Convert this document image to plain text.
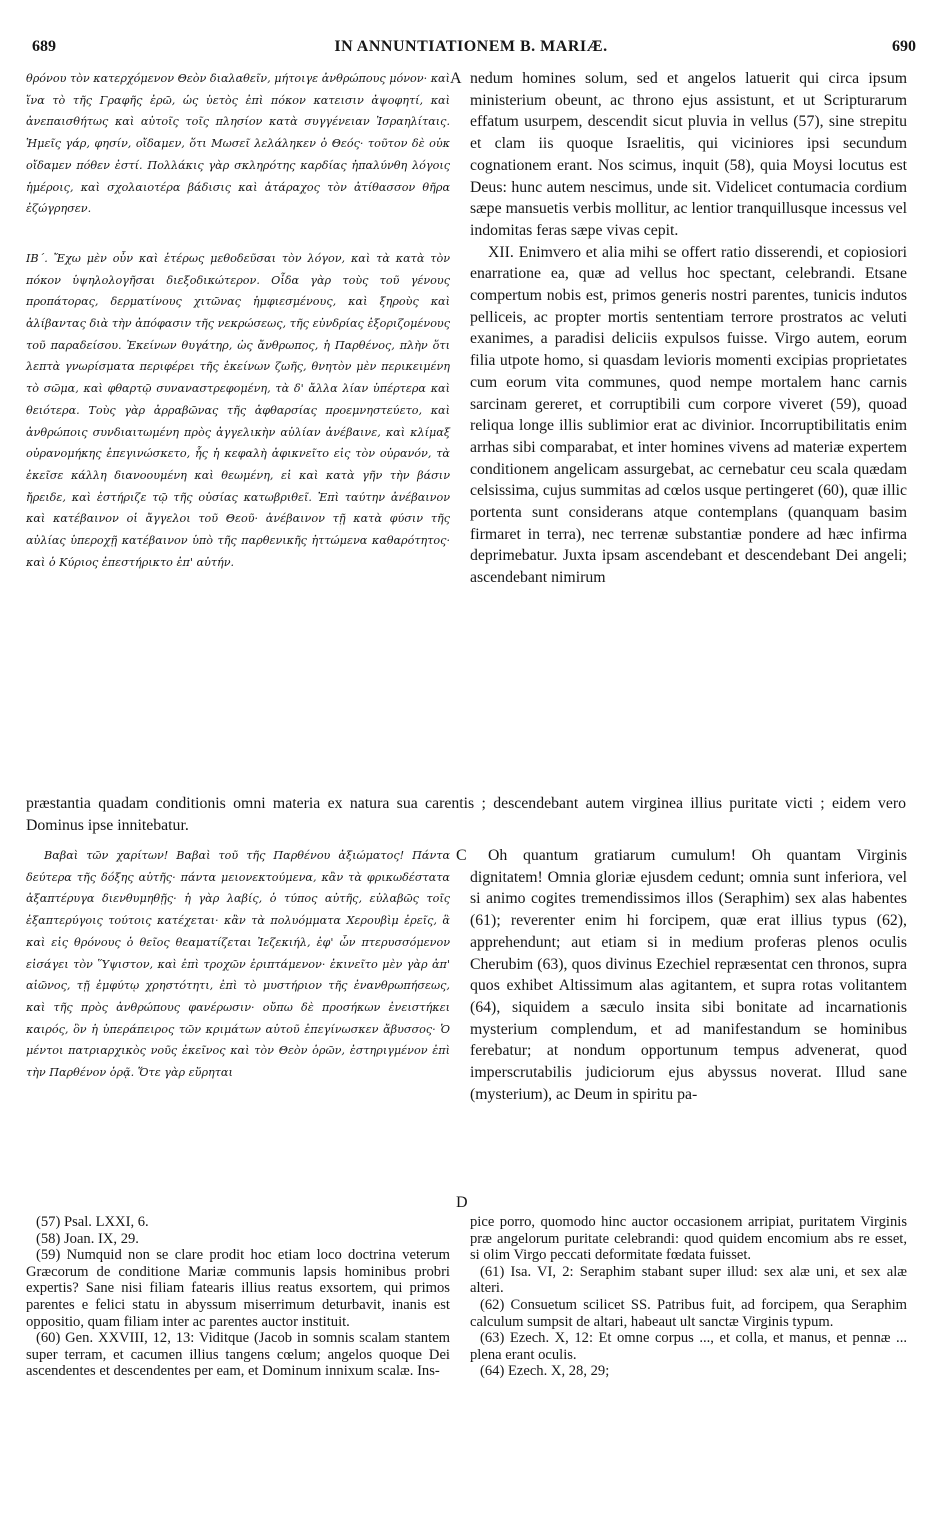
689	IN ANNUNTIATIONEM B. MARIÆ.	690

θρόνου τὸν κατερχόμενον Θεὸν διαλαθεῖν, μήτοιγε ἀνθρώπους μόνον· καὶ ἵνα τὸ τῆς Γραφῆς ἐρῶ, ὡς ὑετὸς ἐπὶ πόκον κατεισιν ἀψοφητί, καὶ ἀνεπαισθήτως καὶ αὐτοῖς τοῖς πλησίον κατὰ συγγένειαν Ἰσραηλίταις. Ἡμεῖς γάρ, φησίν, οἴδαμεν, ὅτι Μωσεῖ λελάληκεν ὁ Θεός· τοῦτον δὲ οὐκ οἴδαμεν πόθεν ἐστί. Πολλάκις γὰρ σκληρότης καρδίας ἠπαλύνθη λόγοις ἡμέροις, καὶ σχολαιοτέρα βάδισις καὶ ἀτάραχος τὸν ἀτίθασσον θῆρα ἐζώγρησεν.

ΙΒ΄. Ἔχω μὲν οὖν καὶ ἑτέρως μεθοδεῦσαι τὸν λόγον, καὶ τὰ κατὰ τὸν πόκον ὑψηλολογῆσαι διεξοδικώτερον. Οἶδα γὰρ τοὺς τοῦ γένους προπάτορας, δερματίνους χιτῶνας ἠμφιεσμένους, καὶ ξηροὺς καὶ ἀλίβαντας διὰ τὴν ἀπόφασιν τῆς νεκρώσεως, τῆς εὐνδρίας ἐξοριζομένους τοῦ παραδείσου. Ἐκείνων θυγάτηρ, ὡς ἄνθρωπος, ἡ Παρθένος, πλὴν ὅτι λεπτὰ γνωρίσματα περιφέρει τῆς ἐκείνων ζωῆς, θνητὸν μὲν περικειμένη τὸ σῶμα, καὶ φθαρτῷ συναναστρεφομένη, τὰ δ' ἄλλα λίαν ὑπέρτερα καὶ θειότερα. Τοὺς γὰρ ἀρραβῶνας τῆς ἀφθαρσίας προεμνηστεύετο, καὶ ἀνθρώποις συνδιαιτωμένη πρὸς ἀγγελικὴν αὐλίαν ἀνέβαινε, καὶ κλίμαξ οὐρανομήκης ἐπεγινώσκετο, ἧς ἡ κεφαλὴ ἀφικνεῖτο εἰς τὸν οὐρανόν, τὰ ἐκεῖσε κάλλη διανοουμένη καὶ θεωμένη, εἰ καὶ κατὰ γῆν τὴν βάσιν ἤρειδε, καὶ ἐστήριζε τῷ τῆς οὐσίας κατωβριθεῖ. Ἐπὶ ταύτην ἀνέβαινον καὶ κατέβαινον οἱ ἄγγελοι τοῦ Θεοῦ· ἀνέβαινον τῇ κατὰ φύσιν τῆς αὐλίας ὑπεροχῇ κατέβαινον ὑπὸ τῆς παρθενικῆς ἡττώμενα καθαρότητος· καὶ ὁ Κύριος ἐπεστήρικτο ἐπ' αὐτήν.

A nedum homines solum, sed et angelos latuerit qui circa ipsum ministerium obeunt, ac throno ejus assistunt, et ut Scripturarum effatum usurpem, descendit sicut pluvia in vellus (57), sine strepitu et clam iis quoque Israelitis, qui viciniores ipsi secundum cognationem erant. Nos scimus, inquit (58), quia Moysi locutus est Deus: hunc autem nescimus, unde sit. Videlicet contumacia cordium sæpe mansuetis verbis mollitur, ac lentior tranquillusque incessus vel indomitas feras sæpe vivas cepit.

XII. Enimvero et alia mihi se offert ratio disserendi, et copiosiori enarratione ea, quæ ad vellus hoc spectant, celebrandi. Etsane compertum nobis est, primos generis nostri parentes, tunicis indutos pelliceis, ac propter mortis sententiam terrore prostratos ac veluti exanimes, a paradisi deliciis expulsos fuisse. Virgo autem, eorum filia utpote homo, si quasdam levioris momenti excipias proprietates cum eorum vita communes, quod nempe mortalem hanc carnis sarcinam gereret, et corruptibili cum corpore viveret (59), quoad reliqua longe illis sublimior erat ac divinior. Incorruptibilitatis enim arrhas sibi comparabat, et inter homines vivens ad materiæ expertem conditionem angelicam assurgebat, ac cernebatur ceu scala quædam celsissima, cujus summitas ad cœlos usque pertingeret (60), quæ illic portenta sunt considerans atque contemplans (quanquam basim firmaret in terra), nec terrenæ substantiæ pondere ad hæc infirma deprimebatur. Juxta ipsam ascendebant et descendebant Dei angeli; ascendebant nimirum

præstantia quadam conditionis omni materia ex natura sua carentis ; descendebant autem virginea illius puritate victi ; eidem vero Dominus ipse innitebatur.

Βαβαὶ τῶν χαρίτων! Βαβαὶ τοῦ τῆς Παρθένου ἀξιώματος! Πάντα δεύτερα τῆς δόξης αὐτῆς· πάντα μειονεκτούμενα, κἂν τὰ φρικωδέστατα ἀξαπτέρυγα διενθυμηθῇς· ἡ γὰρ λαβίς, ὁ τύπος αὐτῆς, εὐλαβῶς τοῖς ἑξαπτερύγοις τούτοις κατέχεται· κἂν τὰ πολυόμματα Χερουβὶμ ἐρεῖς, ἃ καὶ εἰς θρόνους ὁ θεῖος θεαματίζεται Ἰεζεκιήλ, ἐφ' ὧν πτερυσσόμενον εἰσάγει τὸν Ὕψιστον, καὶ ἐπὶ τροχῶν ἐριπτάμενον· ἐκινεῖτο μὲν γὰρ ἀπ' αἰῶνος, τῇ ἐμφύτῳ χρηστότητι, ἐπὶ τὸ μυστήριον τῆς ἐνανθρωπήσεως, καὶ τῆς πρὸς ἀνθρώπους φανέρωσιν· οὔπω δὲ προσήκων ἐνειστήκει καιρός, ὃν ἡ ὑπεράπειρος τῶν κριμάτων αὐτοῦ ἐπεγίνωσκεν ἄβυσσος· Ὁ μέντοι πατριαρχικὸς νοῦς ἐκεῖνος καὶ τὸν Θεὸν ὁρῶν, ἐστηριγμένον ἐπὶ τὴν Παρθένον ὁρᾷ. Ὅτε γὰρ εὕρηται

C	Oh quantum gratiarum cumulum! Oh quantam Virginis dignitatem! Omnia gloriæ ejusdem cedunt; omnia sunt inferiora, vel si animo cogites tremendissimos illos (Seraphim) sex alas habentes (61); reverenter enim hi forcipem, quæ erat illius typus (62), apprehendunt; aut etiam si in medium proferas plenos oculis Cherubim (63), quos divinus Ezechiel repræsentat cen thronos, supra quos exhibet Altissimum alas agitantem, et supra rotas volitantem (64), siquidem a sæculo insita sibi bonitate ad incarnationis mysterium complendum, et ad manifestandum se hominibus ferebatur; at nondum opportunum tempus advenerat, quod imperscrutabilis judiciorum ejus abyssus noverat. Illud sane (mysterium), ac Deum in spiritu pa-

D

(57) Psal. LXXI, 6.

(58) Joan. IX, 29.

(59) Numquid non se clare prodit hoc etiam loco doctrina veterum Græcorum de conditione Mariæ communis lapsis hominibus probri expertis? Sane nisi filiam fatearis illius reatus exsortem, qui primos parentes e felici statu in abyssum miserrimum deturbavit, inanis est oppositio, quam filiam inter ac parentes auctor instituit.

(60) Gen. XXVIII, 12, 13: Viditque (Jacob in somnis scalam stantem super terram, et cacumen illius tangens cœlum; angelos quoque Dei ascendentes et descendentes per eam, et Dominum innixum scalæ. Ins-

pice porro, quomodo hinc auctor occasionem arripiat, puritatem Virginis præ angelorum puritate celebrandi: quod quidem encomium abs re esset, si olim Virgo peccati deformitate fœdata fuisset.

(61) Isa. VI, 2: Seraphim stabant super illud: sex alæ uni, et sex alæ alteri.

(62) Consuetum scilicet SS. Patribus fuit, ad forcipem, qua Seraphim calculum sumpsit de altari, habeaut ult sanctæ Virginis typum.

(63) Ezech. X, 12: Et omne corpus ..., et colla, et manus, et pennæ ... plena erant oculis.

(64) Ezech. X, 28, 29;
